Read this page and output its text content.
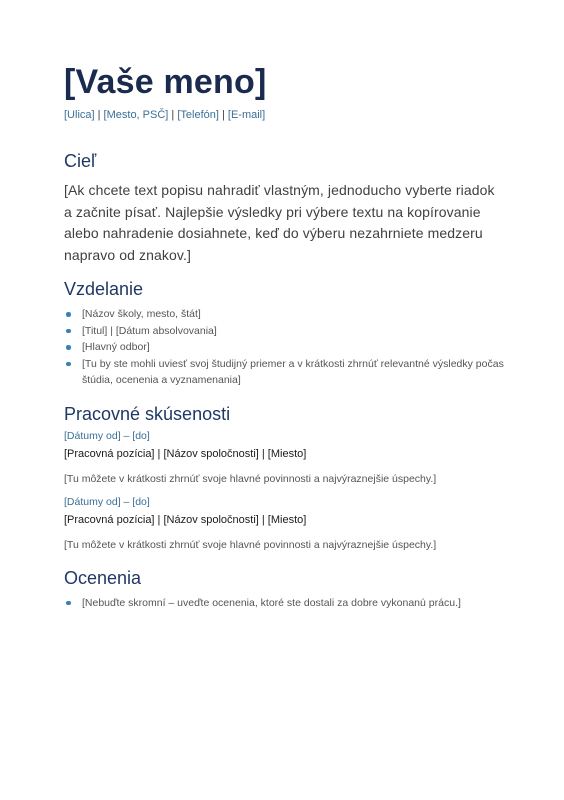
[Vaše meno]
[Ulica] | [Mesto, PSČ] | [Telefón] | [E-mail]
Cieľ
[Ak chcete text popisu nahradiť vlastným, jednoducho vyberte riadok a začnite písať. Najlepšie výsledky pri výbere textu na kopírovanie alebo nahradenie dosiahnete, keď do výberu nezahrniete medzeru napravo od znakov.]
Vzdelanie
[Názov školy, mesto, štát]
[Titul] | [Dátum absolvovania]
[Hlavný odbor]
[Tu by ste mohli uviesť svoj študijný priemer a v krátkosti zhrnúť relevantné výsledky počas štúdia, ocenenia a vyznamenania]
Pracovné skúsenosti
[Dátumy od] – [do]
[Pracovná pozícia] | [Názov spoločnosti] | [Miesto]
[Tu môžete v krátkosti zhrnúť svoje hlavné povinnosti a najvýraznejšie úspechy.]
[Dátumy od] – [do]
[Pracovná pozícia] | [Názov spoločnosti] | [Miesto]
[Tu môžete v krátkosti zhrnúť svoje hlavné povinnosti a najvýraznejšie úspechy.]
Ocenenia
[Nebuďte skromní – uveďte ocenenia, ktoré ste dostali za dobre vykonanú prácu.]
